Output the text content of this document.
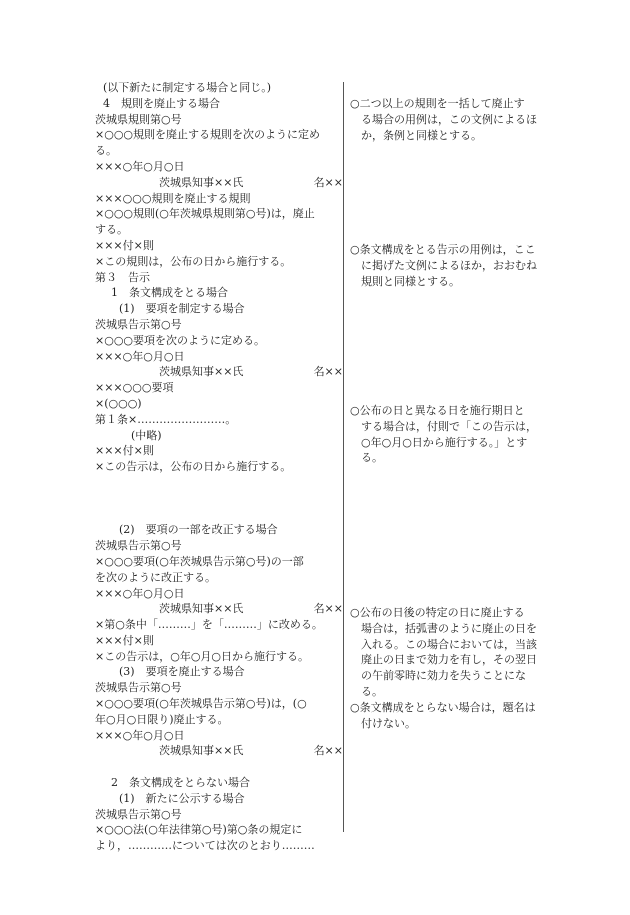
(以下新たに制定する場合と同じ。)
4　規則を廃止する場合
茨城県規則第○号
×○○○規則を廃止する規則を次のように定め
る。
×××○年○月○日
茨城県知事××氏	名××
×××○○○規則を廃止する規則
×○○○規則(○年茨城県規則第○号)は，廃止
する。
×××付×則
×この規則は，公布の日から施行する。
第３　告示
1　条文構成をとる場合
(1)　要項を制定する場合
茨城県告示第○号
×○○○要項を次のように定める。
×××○年○月○日
茨城県知事××氏	名××
×××○○○要項
×(○○○)
第１条×……………………。
(中略)
×××付×則
×この告示は，公布の日から施行する。
(2)　要項の一部を改正する場合
茨城県告示第○号
×○○○要項(○年茨城県告示第○号)の一部
を次のように改正する。
×××○年○月○日
茨城県知事××氏	名××
×第○条中「………」を「………」に改める。
×××付×則
×この告示は，○年○月○日から施行する。
(3)　要項を廃止する場合
茨城県告示第○号
×○○○要項(○年茨城県告示第○号)は，(○
年○月○日限り)廃止する。
×××○年○月○日
茨城県知事××氏	名××
2　条文構成をとらない場合
(1)　新たに公示する場合
茨城県告示第○号
×○○○法(○年法律第○号)第○条の規定に
より，…………については次のとおり………
○二つ以上の規則を一括して廃止す
る場合の用例は，この文例によるほ
か，条例と同様とする。
○条文構成をとる告示の用例は，ここ
に掲げた文例によるほか，おおむね
規則と同様とする。
○公布の日と異なる日を施行期日と
する場合は，付則で「この告示は，
○年○月○日から施行する。」とす
る。
○公布の日後の特定の日に廃止する
場合は，括弧書のように廃止の日を
入れる。この場合においては，当該
廃止の日まで効力を有し，その翌日
の午前零時に効力を失うことにな
る。
○条文構成をとらない場合は，題名は
付けない。
